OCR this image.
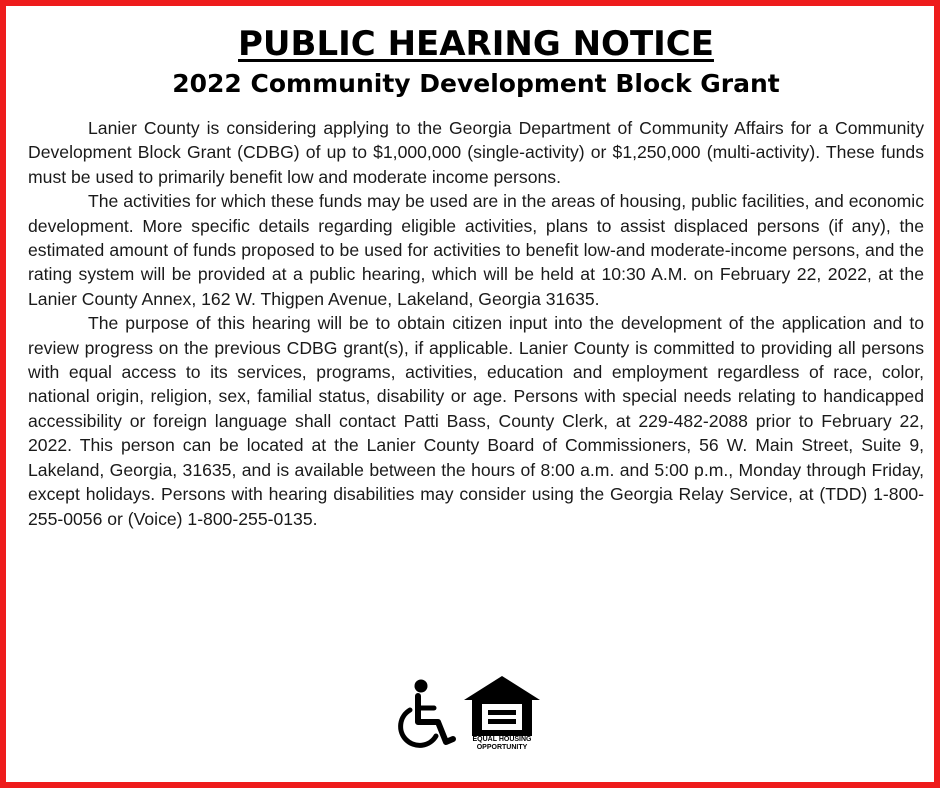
PUBLIC HEARING NOTICE
2022 Community Development Block Grant

Lanier County is considering applying to the Georgia Department of Community Affairs for a Community Development Block Grant (CDBG) of up to $1,000,000 (single-activity) or $1,250,000 (multi-activity). These funds must be used to primarily benefit low and moderate income persons.

The activities for which these funds may be used are in the areas of housing, public facilities, and economic development. More specific details regarding eligible activities, plans to assist displaced persons (if any), the estimated amount of funds proposed to be used for activities to benefit low-and moderate-income persons, and the rating system will be provided at a public hearing, which will be held at 10:30 A.M. on February 22, 2022, at the Lanier County Annex, 162 W. Thigpen Avenue, Lakeland, Georgia 31635.

The purpose of this hearing will be to obtain citizen input into the development of the application and to review progress on the previous CDBG grant(s), if applicable. Lanier County is committed to providing all persons with equal access to its services, programs, activities, education and employment regardless of race, color, national origin, religion, sex, familial status, disability or age. Persons with special needs relating to handicapped accessibility or foreign language shall contact Patti Bass, County Clerk, at 229-482-2088 prior to February 22, 2022. This person can be located at the Lanier County Board of Commissioners, 56 W. Main Street, Suite 9, Lakeland, Georgia, 31635, and is available between the hours of 8:00 a.m. and 5:00 p.m., Monday through Friday, except holidays. Persons with hearing disabilities may consider using the Georgia Relay Service, at (TDD) 1-800-255-0056 or (Voice) 1-800-255-0135.

EQUAL HOUSING
OPPORTUNITY
